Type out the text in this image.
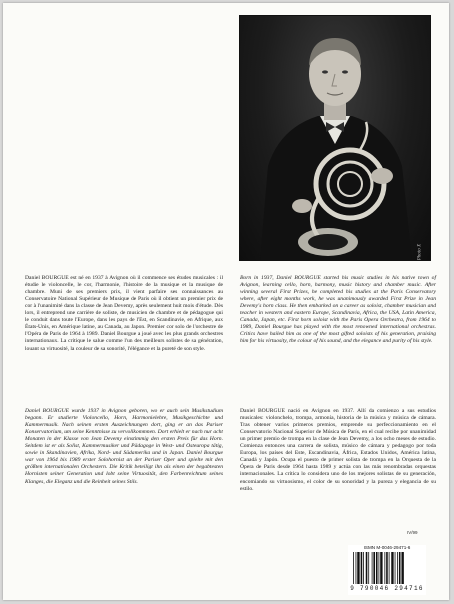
Photo X

Daniel BOURGUE est né en 1937 à Avignon où il commence ses études musicales : il étudie le violoncelle, le cor, l'harmonie, l'histoire de la musique et la musique de chambre. Muni de ses premiers prix, il vient parfaire ses connaissances au Conservatoire National Supérieur de Musique de Paris où il obtient un premier prix de cor à l'unanimité dans la classe de Jean Devemy, après seulement huit mois d'étude. Dès lors, il entreprend une carrière de soliste, de musicien de chambre et de pédagogue qui le conduit dans toute l'Europe, dans les pays de l'Est, en Scandinavie, en Afrique, aux États-Unis, en Amérique latine, au Canada, au Japon. Premier cor solo de l'orchestre de l'Opéra de Paris de 1964 à 1989. Daniel Bourgue a joué avec les plus grands orchestres internationaux. La critique le salue comme l'un des meilleurs solistes de sa génération, louant sa virtuosité, la couleur de sa sonorité, l'élégance et la pureté de son style.

Born in 1937, Daniel BOURGUE started his music studies in his native town of Avignon, learning cello, horn, harmony, music history and chamber music. After winning several First Prizes, he completed his studies at the Paris Conservatory where, after eight months work, he was unanimously awarded First Prize in Jean Devemy's horn class. He then embarked on a career as soloist, chamber musician and teacher in western and eastern Europe, Scandinavia, Africa, the USA, Latin America, Canada, Japan, etc. First horn soloist with the Paris Opera Orchestra, from 1964 to 1989, Daniel Bourgue has played with the most renowned international orchestras. Critics have hailed him as one of the most gifted soloists of his generation, praising him for his virtuosity, the colour of his sound, and the elegance and purity of his style.

Daniel BOURGUE wurde 1937 in Avignon geboren, wo er auch sein Musikstudium begann. Er studierte Violoncello, Horn, Harmonielehre, Musikgeschichte und Kammermusik. Nach seinen ersten Auszeichnungen dort, ging er an das Pariser Konservatorium, um seine Kenntnisse zu vervollkommnen. Dort erhielt er nach nur acht Monaten in der Klasse von Jean Devemy einstimmig den ersten Preis für das Horn. Seitdem ist er als Solist, Kammermusiker und Pädagoge in West- und Osteuropa tätig, sowie in Skandinavien, Afrika, Nord- und Südamerika und in Japan. Daniel Bourgue war von 1964 bis 1989 erster Solohornist an der Pariser Oper und spielte mit den größten internationalen Orchestern. Die Kritik beteiligt ihn als einen der begabtesten Hornisten seiner Generation und lobt seine Virtuosität, den Farbenreichtum seines Klanges, die Eleganz und die Reinheit seines Stils.

Daniel BOURGUE nació en Avignon en 1937. Allí da comienzo a sus estudios musicales: violonchelo, trompa, armonía, historia de la música y música de cámara. Tras obtener varios primeros premios, emprende su perfeccionamiento en el Conservatorio Nacional Superior de Música de París, en el cual recibe por unanimidad un primer premio de trompa en la clase de Jean Devemy, a los ocho meses de estudio. Comienza entonces una carrera de solista, músico de cámara y pedagogo por toda Europa, los países del Este, Escandinavia, África, Estados Unidos, América latina, Canadá y Japón. Ocupa el puesto de primer solista de trompa en la Orquesta de la Ópera de Paris desde 1964 hasta 1989 y actúa con las más renombradas orquestas internacionales. La crítica lo considera uno de los mejores solistas de su generación, encomiando su virtuosismo, el color de su sonoridad y la pureza y elegancia de su estilo.

IV/99
ISMN M-0046-29471-6
9 790046 294716
